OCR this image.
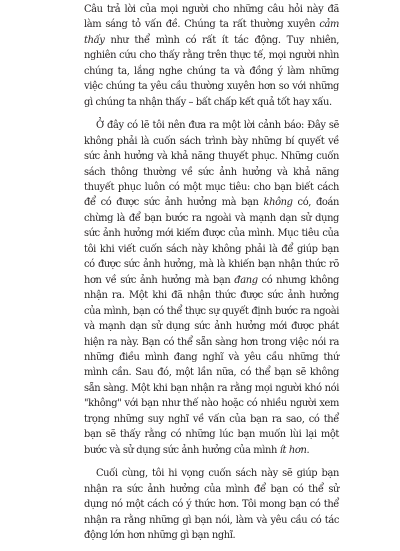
Câu trả lời của mọi người cho những câu hỏi này đã làm sáng tỏ vấn đề. Chúng ta rất thường xuyên cảm thấy như thể mình có rất ít tác động. Tuy nhiên, nghiên cứu cho thấy rằng trên thực tế, mọi người nhìn chúng ta, lắng nghe chúng ta và đồng ý làm những việc chúng ta yêu cầu thường xuyên hơn so với những gì chúng ta nhận thấy – bất chấp kết quả tốt hay xấu.

Ở đây có lẽ tôi nên đưa ra một lời cảnh báo: Đây sẽ không phải là cuốn sách trình bày những bí quyết về sức ảnh hưởng và khả năng thuyết phục. Những cuốn sách thông thường về sức ảnh hưởng và khả năng thuyết phục luôn có một mục tiêu: cho bạn biết cách để có được sức ảnh hưởng mà bạn không có, đoán chừng là để bạn bước ra ngoài và mạnh dạn sử dụng sức ảnh hưởng mới kiếm được của mình. Mục tiêu của tôi khi viết cuốn sách này không phải là để giúp bạn có được sức ảnh hưởng, mà là khiến bạn nhận thức rõ hơn về sức ảnh hưởng mà bạn đang có nhưng không nhận ra. Một khi đã nhận thức được sức ảnh hưởng của mình, bạn có thể thực sự quyết định bước ra ngoài và mạnh dạn sử dụng sức ảnh hưởng mới được phát hiện ra này. Bạn có thể sẵn sàng hơn trong việc nói ra những điều mình đang nghĩ và yêu cầu những thứ mình cần. Sau đó, một lần nữa, có thể bạn sẽ không sẵn sàng. Một khi bạn nhận ra rằng mọi người khó nói "không" với bạn như thế nào hoặc có nhiều người xem trọng những suy nghĩ về vấn của bạn ra sao, có thể bạn sẽ thấy rằng có những lúc bạn muốn lùi lại một bước và sử dụng sức ảnh hưởng của mình ít hơn.

Cuối cùng, tôi hi vọng cuốn sách này sẽ giúp bạn nhận ra sức ảnh hưởng của mình để bạn có thể sử dụng nó một cách có ý thức hơn. Tôi mong bạn có thể nhận ra rằng những gì bạn nói, làm và yêu cầu có tác động lớn hơn những gì bạn nghĩ.
